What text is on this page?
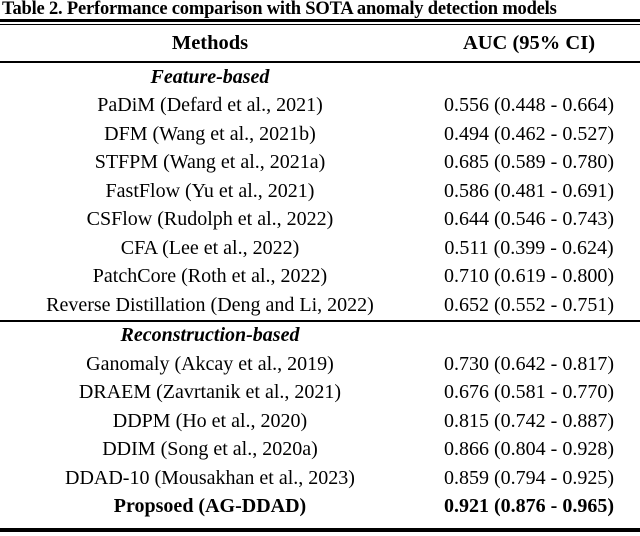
Table 2. Performance comparison with SOTA anomaly detection models
Methods	AUC (95% CI)
Feature-based
PaDiM (Defard et al., 2021)	0.556 (0.448 - 0.664)
DFM (Wang et al., 2021b)	0.494 (0.462 - 0.527)
STFPM (Wang et al., 2021a)	0.685 (0.589 - 0.780)
FastFlow (Yu et al., 2021)	0.586 (0.481 - 0.691)
CSFlow (Rudolph et al., 2022)	0.644 (0.546 - 0.743)
CFA (Lee et al., 2022)	0.511 (0.399 - 0.624)
PatchCore (Roth et al., 2022)	0.710 (0.619 - 0.800)
Reverse Distillation (Deng and Li, 2022)	0.652 (0.552 - 0.751)
Reconstruction-based
Ganomaly (Akcay et al., 2019)	0.730 (0.642 - 0.817)
DRAEM (Zavrtanik et al., 2021)	0.676 (0.581 - 0.770)
DDPM (Ho et al., 2020)	0.815 (0.742 - 0.887)
DDIM (Song et al., 2020a)	0.866 (0.804 - 0.928)
DDAD-10 (Mousakhan et al., 2023)	0.859 (0.794 - 0.925)
Propsoed (AG-DDAD)	0.921 (0.876 - 0.965)
